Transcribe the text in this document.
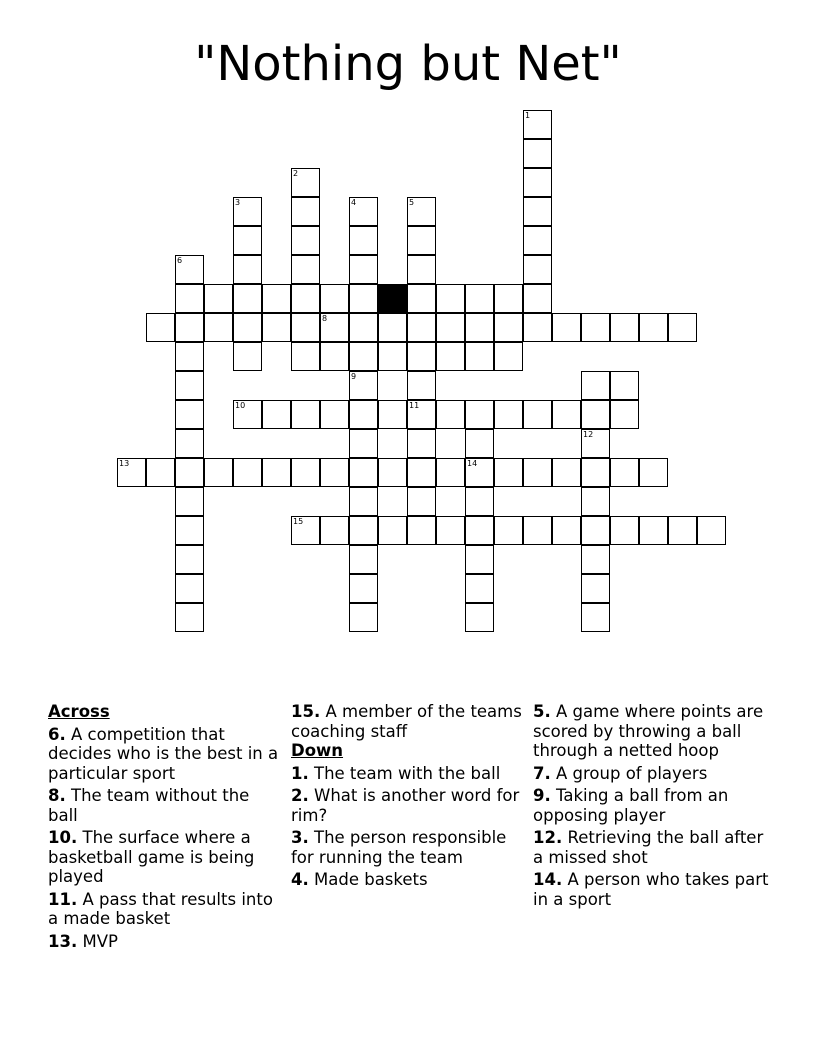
"Nothing but Net"
1
2
3	4
9
5
11
6
8
10
12
13	14
15
Across
6. A competition that decides who is the best in a particular sport
8. The team without the ball
10. The surface where a basketball game is being played
11. A pass that results into a made basket
13. MVP
15. A member of the teams coaching staff
Down
1. The team with the ball
2. What is another word for rim?
3. The person responsible for running the team
4. Made baskets
5. A game where points are scored by throwing a ball through a netted hoop
7. A group of players
9. Taking a ball from an opposing player
12. Retrieving the ball after a missed shot
14. A person who takes part in a sport
